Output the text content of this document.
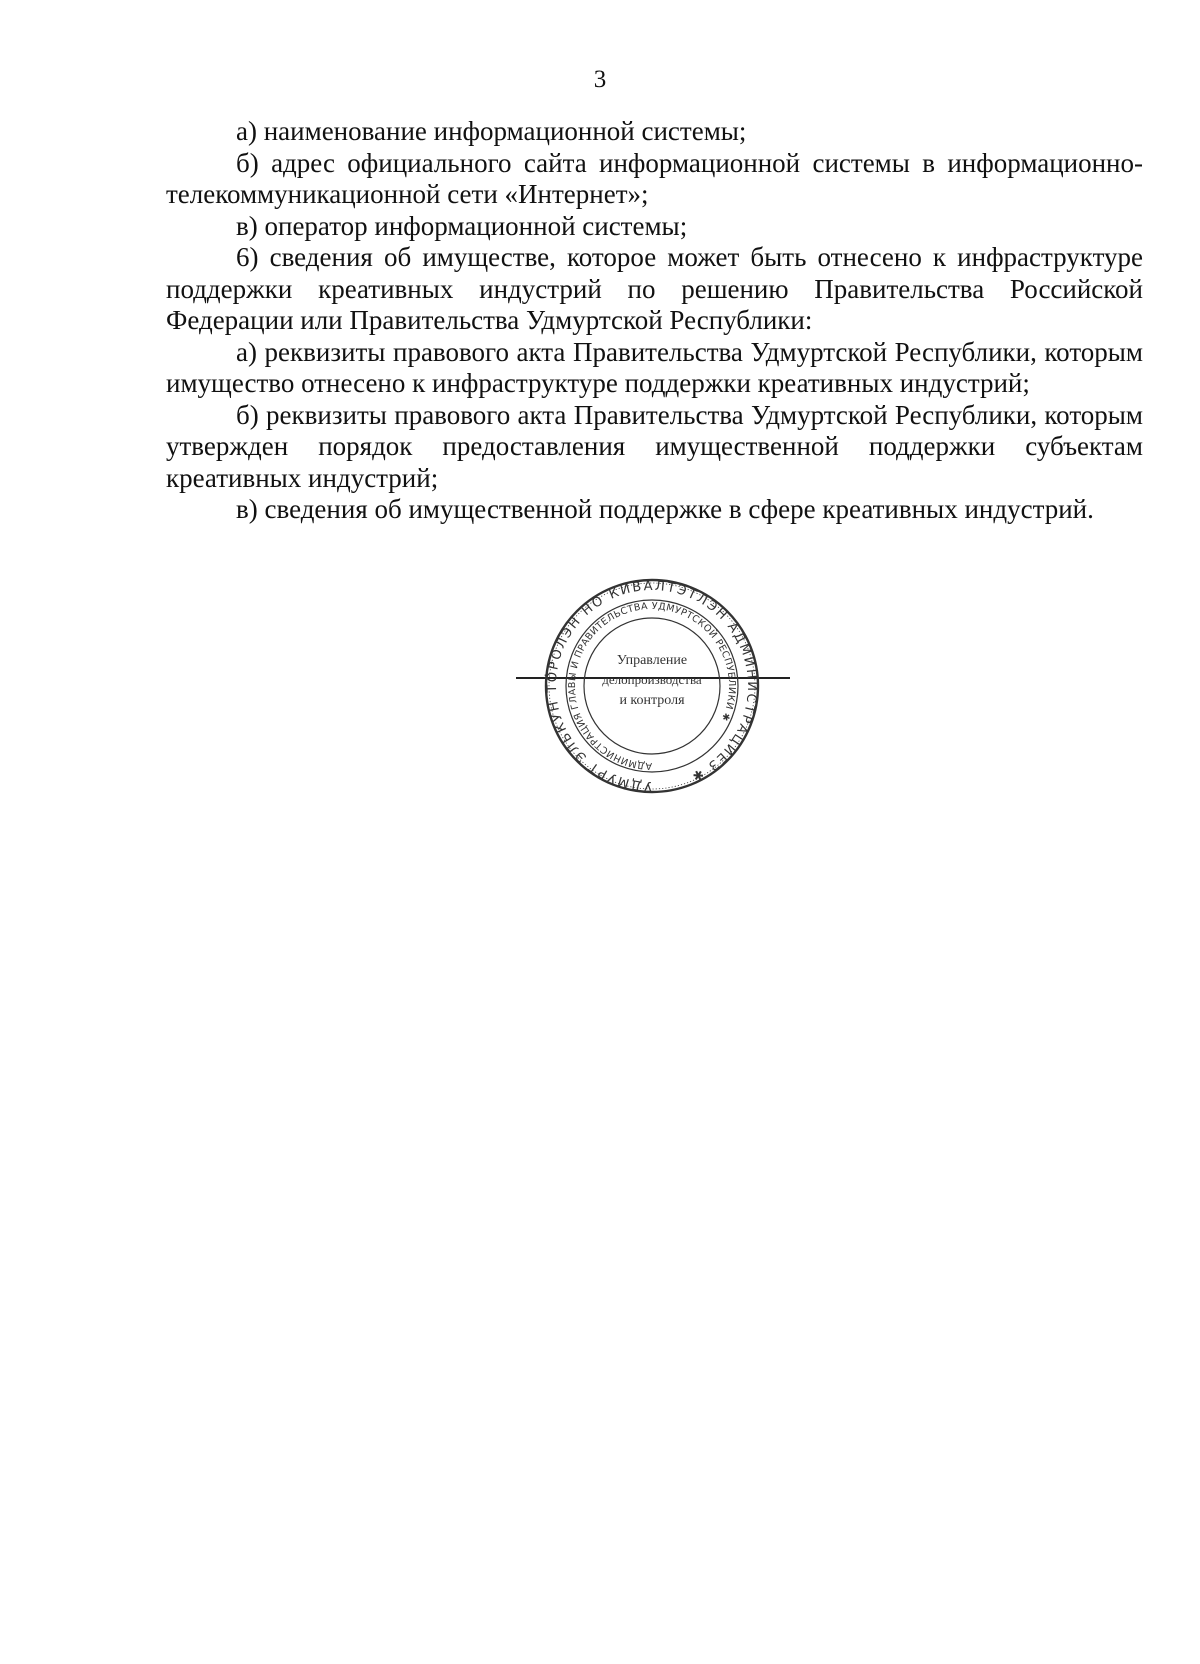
3

а) наименование информационной системы;

б) адрес официального сайта информационной системы в информационно-телекоммуникационной сети «Интернет»;

в) оператор информационной системы;

6) сведения об имуществе, которое может быть отнесено к инфраструктуре поддержки креативных индустрий по решению Правительства Российской Федерации или Правительства Удмуртской Республики:

а) реквизиты правового акта Правительства Удмуртской Республики, которым имущество отнесено к инфраструктуре поддержки креативных индустрий;

б) реквизиты правового акта Правительства Удмуртской Республики, которым утвержден порядок предоставления имущественной поддержки субъектам креативных индустрий;

в) сведения об имущественной поддержке в сфере креативных индустрий.

УДМУРТ ЭЛЬКУН ТÖРОЛЭН НО КИВАЛТЭТЛЭН АДМИНИСТРАЦИЕЗ ✱
АДМИНИСТРАЦИЯ ГЛАВЫ И ПРАВИТЕЛЬСТВА УДМУРТСКОЙ РЕСПУБЛИКИ ✱
Управление
делопроизводства
и контроля
